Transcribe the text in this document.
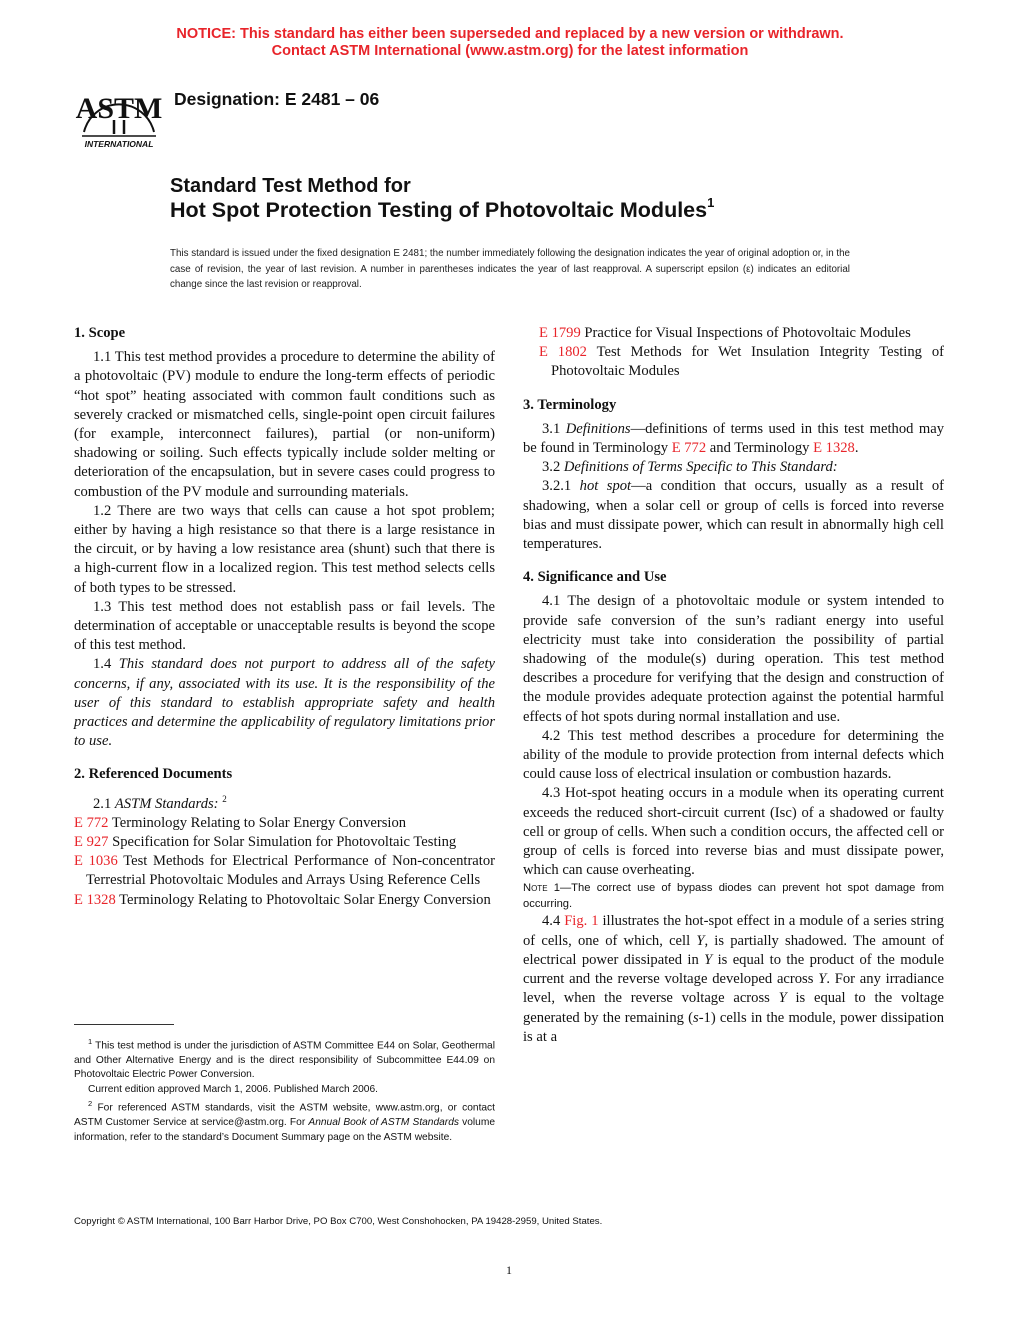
NOTICE: This standard has either been superseded and replaced by a new version or withdrawn.
Contact ASTM International (www.astm.org) for the latest information
ASTM
INTERNATIONAL
Designation: E 2481 – 06
Standard Test Method for
Hot Spot Protection Testing of Photovoltaic Modules$^1$
This standard is issued under the fixed designation E 2481; the number immediately following the designation indicates the year of original adoption or, in the case of revision, the year of last revision. A number in parentheses indicates the year of last reapproval. A superscript epsilon (ε) indicates an editorial change since the last revision or reapproval.

1. Scope

1.1 This test method provides a procedure to determine the ability of a photovoltaic (PV) module to endure the long-term effects of periodic “hot spot” heating associated with common fault conditions such as severely cracked or mismatched cells, single-point open circuit failures (for example, interconnect failures), partial (or non-uniform) shadowing or soiling. Such effects typically include solder melting or deterioration of the encapsulation, but in severe cases could progress to combustion of the PV module and surrounding materials.

1.2 There are two ways that cells can cause a hot spot problem; either by having a high resistance so that there is a large resistance in the circuit, or by having a low resistance area (shunt) such that there is a high-current flow in a localized region. This test method selects cells of both types to be stressed.

1.3 This test method does not establish pass or fail levels. The determination of acceptable or unacceptable results is beyond the scope of this test method.

1.4 This standard does not purport to address all of the safety concerns, if any, associated with its use. It is the responsibility of the user of this standard to establish appropriate safety and health practices and determine the applicability of regulatory limitations prior to use.

2. Referenced Documents

2.1 ASTM Standards: $^2$

E 772 Terminology Relating to Solar Energy Conversion

E 927 Specification for Solar Simulation for Photovoltaic Testing

E 1036 Test Methods for Electrical Performance of Non-concentrator Terrestrial Photovoltaic Modules and Arrays Using Reference Cells

E 1328 Terminology Relating to Photovoltaic Solar Energy Conversion

$^1$ This test method is under the jurisdiction of ASTM Committee E44 on Solar, Geothermal and Other Alternative Energy and is the direct responsibility of Subcommittee E44.09 on Photovoltaic Electric Power Conversion.

Current edition approved March 1, 2006. Published March 2006.

$^2$ For referenced ASTM standards, visit the ASTM website, www.astm.org, or contact ASTM Customer Service at service@astm.org. For Annual Book of ASTM Standards volume information, refer to the standard’s Document Summary page on the ASTM website.

E 1799 Practice for Visual Inspections of Photovoltaic Modules

E 1802 Test Methods for Wet Insulation Integrity Testing of Photovoltaic Modules

3. Terminology

3.1 Definitions—definitions of terms used in this test method may be found in Terminology E 772 and Terminology E 1328.

3.2 Definitions of Terms Specific to This Standard:

3.2.1 hot spot—a condition that occurs, usually as a result of shadowing, when a solar cell or group of cells is forced into reverse bias and must dissipate power, which can result in abnormally high cell temperatures.

4. Significance and Use

4.1 The design of a photovoltaic module or system intended to provide safe conversion of the sun’s radiant energy into useful electricity must take into consideration the possibility of partial shadowing of the module(s) during operation. This test method describes a procedure for verifying that the design and construction of the module provides adequate protection against the potential harmful effects of hot spots during normal installation and use.

4.2 This test method describes a procedure for determining the ability of the module to provide protection from internal defects which could cause loss of electrical insulation or combustion hazards.

4.3 Hot-spot heating occurs in a module when its operating current exceeds the reduced short-circuit current (Isc) of a shadowed or faulty cell or group of cells. When such a condition occurs, the affected cell or group of cells is forced into reverse bias and must dissipate power, which can cause overheating.

Note 1—The correct use of bypass diodes can prevent hot spot damage from occurring.

4.4 Fig. 1 illustrates the hot-spot effect in a module of a series string of cells, one of which, cell Y, is partially shadowed. The amount of electrical power dissipated in Y is equal to the product of the module current and the reverse voltage developed across Y. For any irradiance level, when the reverse voltage across Y is equal to the voltage generated by the remaining (s-1) cells in the module, power dissipation is at a

Copyright © ASTM International, 100 Barr Harbor Drive, PO Box C700, West Conshohocken, PA 19428-2959, United States.
1
